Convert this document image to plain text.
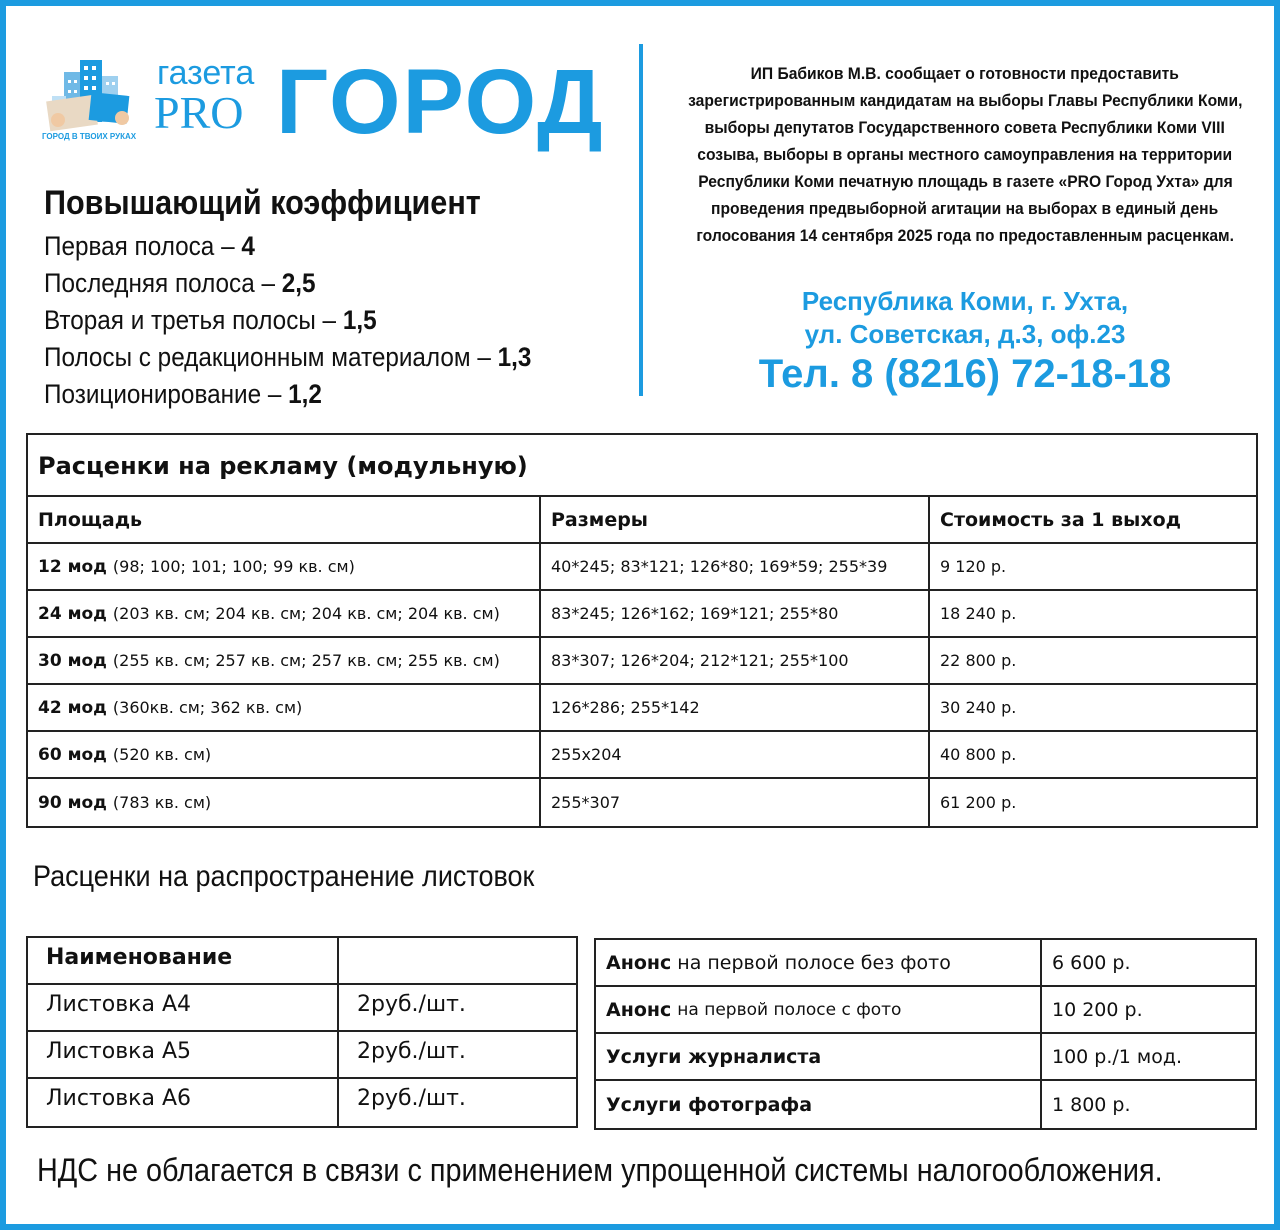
ГОРОД В ТВОИХ РУКАХ
газета
PRO ГОРОД
Повышающий коэффициент
Первая полоса – 4
Последняя полоса – 2,5
Вторая и третья полосы – 1,5
Полосы с редакционным материалом – 1,3
Позиционирование – 1,2
ИП Бабиков М.В. сообщает о готовности предоставить
зарегистрированным кандидатам на выборы Главы Республики Коми,
выборы депутатов Государственного совета Республики Коми VIII
созыва, выборы в органы местного самоуправления на территории
Республики Коми печатную площадь в газете «PRO Город Ухта» для
проведения предвыборной агитации на выборах в единый день
голосования 14 сентября 2025 года по предоставленным расценкам.
Республика Коми, г. Ухта,
ул. Советская, д.3, оф.23
Тел. 8 (8216) 72-18-18
Расценки на рекламу (модульную)
Площадь	Размеры	Стоимость за 1 выход
12 мод (98; 100; 101; 100; 99 кв. см)	40*245; 83*121; 126*80; 169*59; 255*39	9 120 р.
24 мод (203 кв. см; 204 кв. см; 204 кв. см; 204 кв. см)	83*245; 126*162; 169*121; 255*80	18 240 р.
30 мод (255 кв. см; 257 кв. см; 257 кв. см; 255 кв. см)	83*307; 126*204; 212*121; 255*100	22 800 р.
42 мод (360кв. см; 362 кв. см)	126*286; 255*142	30 240 р.
60 мод (520 кв. см)	255х204	40 800 р.
90 мод (783 кв. см)	255*307	61 200 р.
Расценки на распространение листовок
Наименование
Листовка А4	2руб./шт.
Листовка А5	2руб./шт.
Листовка А6	2руб./шт.
Анонс на первой полосе без фото	6 600 р.
Анонс на первой полосе с фото	10 200 р.
Услуги журналиста	100 р./1 мод.
Услуги фотографа	1 800 р.
НДС не облагается в связи с применением упрощенной системы налогообложения.
